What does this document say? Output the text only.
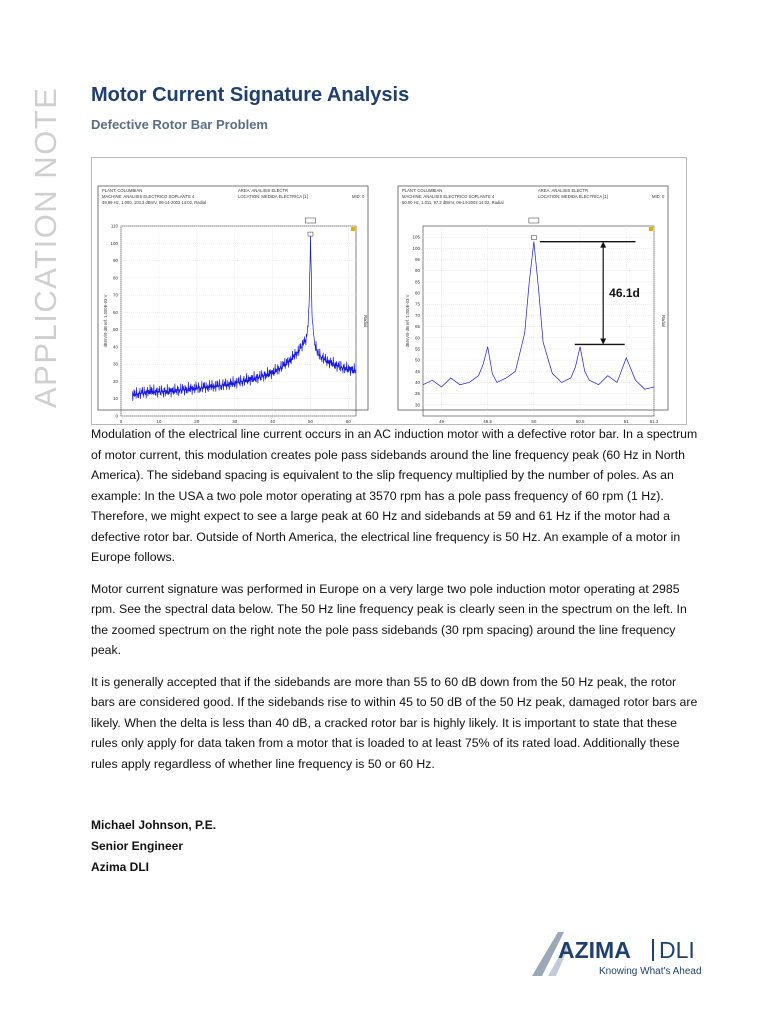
APPLICATION NOTE Motor Current Signature Analysis
Defective Rotor Bar Problem
PLANT: COLUMBIAN
MACHINE: ANALISIS ELECTRICO SOPLANTE 4
49.99 Hz, 1.000, 103.3 dBmV, 06-14-2002 14:02, Radial
AREA: ANALISIS ELECTR
LOCATION: MEDIDA ELECTRICA [1]	MID: 0
0
10
20
30
40
50
60
70
80
90
100
110
0	10	20	30	40	50	60
dBmV/9 dB ref. 1.000E-03 V	Radial
PLANT: COLUMBIAN
MACHINE: ANALISIS ELECTRICO SOPLANTE 4
50.00 Hz, 1.011, 97.2 dBmV, 06-14-2002 14:02, Radial
AREA: ANALISIS ELECTR
LOCATION: MEDIDA ELECTRICA [1]	MID: 0
30
35
40
45
50
55
60
65
70
75
80
85
90
95
100
105
49	49.5	50	50.5	51	51.3
dBmV/9 dB ref. 1.000E-03 V	Radial
46.1d

Modulation of the electrical line current occurs in an AC induction motor with a defective rotor bar. In a spectrum of motor current, this modulation creates pole pass sidebands around the line frequency peak (60 Hz in North America). The sideband spacing is equivalent to the slip frequency multiplied by the number of poles. As an example: In the USA a two pole motor operating at 3570 rpm has a pole pass frequency of 60 rpm (1 Hz). Therefore, we might expect to see a large peak at 60 Hz and sidebands at 59 and 61 Hz if the motor had a defective rotor bar. Outside of North America, the electrical line frequency is 50 Hz. An example of a motor in Europe follows.

Motor current signature was performed in Europe on a very large two pole induction motor operating at 2985 rpm. See the spectral data below. The 50 Hz line frequency peak is clearly seen in the spectrum on the left. In the zoomed spectrum on the right note the pole pass sidebands (30 rpm spacing) around the line frequency peak.

It is generally accepted that if the sidebands are more than 55 to 60 dB down from the 50 Hz peak, the rotor bars are considered good. If the sidebands rise to within 45 to 50 dB of the 50 Hz peak, damaged rotor bars are likely. When the delta is less than 40 dB, a cracked rotor bar is highly likely. It is important to state that these rules only apply for data taken from a motor that is loaded to at least 75% of its rated load. Additionally these rules apply regardless of whether line frequency is 50 or 60 Hz.

Michael Johnson, P.E.
Senior Engineer
Azima DLI
AZIMA DLI
Knowing What's Ahead
